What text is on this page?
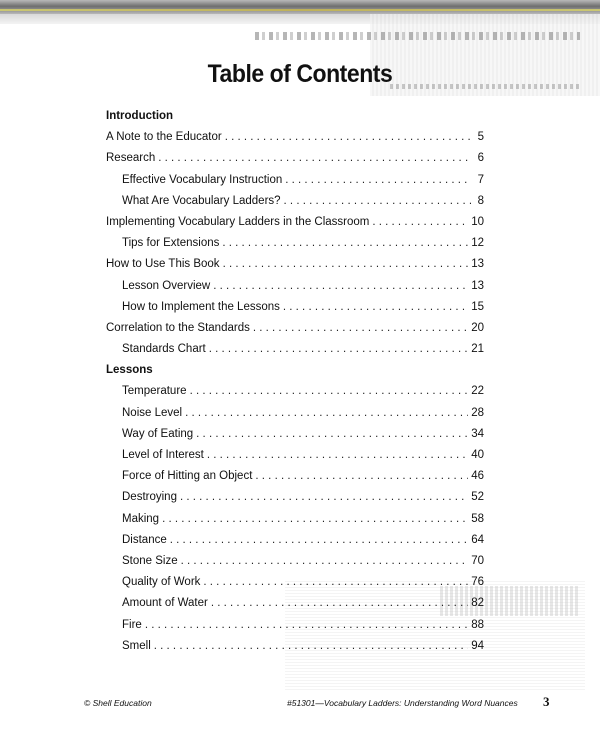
Table of Contents
Introduction
A Note to the Educator . . .	5
Research . . .	6
Effective Vocabulary Instruction . . .	7
What Are Vocabulary Ladders? . . .	8
Implementing Vocabulary Ladders in the Classroom . . .	10
Tips for Extensions . . .	12
How to Use This Book . . .	13
Lesson Overview . . .	13
How to Implement the Lessons . . .	15
Correlation to the Standards . . .	20
Standards Chart . . .	21
Lessons
Temperature . . .	22
Noise Level . . .	28
Way of Eating . . .	34
Level of Interest . . .	40
Force of Hitting an Object . . .	46
Destroying . . .	52
Making . . .	58
Distance . . .	64
Stone Size . . .	70
Quality of Work . . .	76
Amount of Water . . .	82
Fire . . .	88
Smell . . .	94
© Shell Education	#51301—Vocabulary Ladders: Understanding Word Nuances 3
